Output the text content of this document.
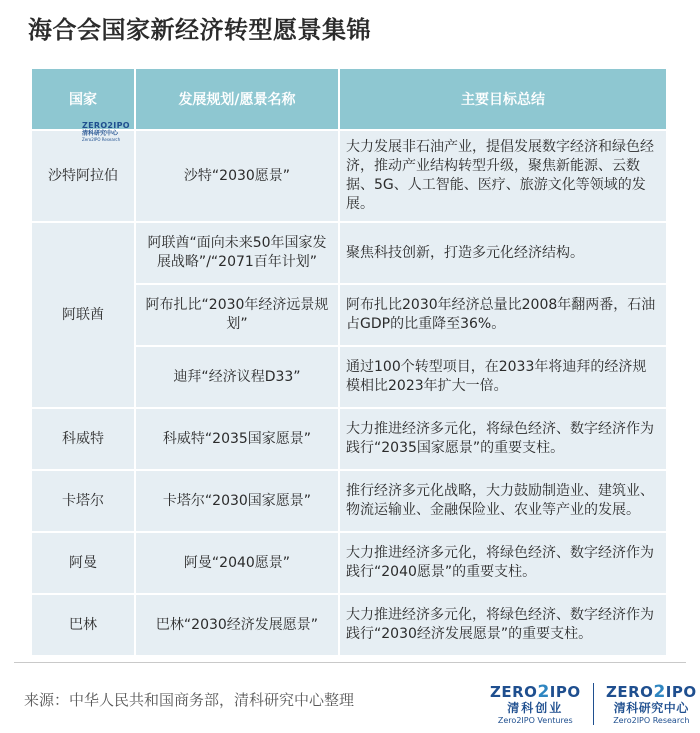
海合会国家新经济转型愿景集锦
国家	发展规划/愿景名称	主要目标总结
沙特阿拉伯	沙特“2030愿景”	大力发展非石油产业，提倡发展数字经济和绿色经济，推动产业结构转型升级，聚焦新能源、云数据、5G、人工智能、医疗、旅游文化等领域的发展。
阿联酋	阿联酋“面向未来50年国家发展战略”/“2071百年计划”	聚焦科技创新，打造多元化经济结构。
	阿布扎比“2030年经济远景规划”	阿布扎比2030年经济总量比2008年翻两番，石油占GDP的比重降至36%。
	迪拜“经济议程D33”	通过100个转型项目，在2033年将迪拜的经济规模相比2023年扩大一倍。
科威特	科威特“2035国家愿景”	大力推进经济多元化，将绿色经济、数字经济作为践行“2035国家愿景”的重要支柱。
卡塔尔	卡塔尔“2030国家愿景”	推行经济多元化战略，大力鼓励制造业、建筑业、物流运输业、金融保险业、农业等产业的发展。
阿曼	阿曼“2040愿景”	大力推进经济多元化，将绿色经济、数字经济作为践行“2040愿景”的重要支柱。
巴林	巴林“2030经济发展愿景”	大力推进经济多元化，将绿色经济、数字经济作为践行“2030经济发展愿景”的重要支柱。
ZERO2IPO
清科研究中心
Zero2IPO Research
来源：中华人民共和国商务部，清科研究中心整理	ZERO2IPO
清科创业
Zero2IPO Ventures
ZERO2IPO
清科研究中心
Zero2IPO Research
